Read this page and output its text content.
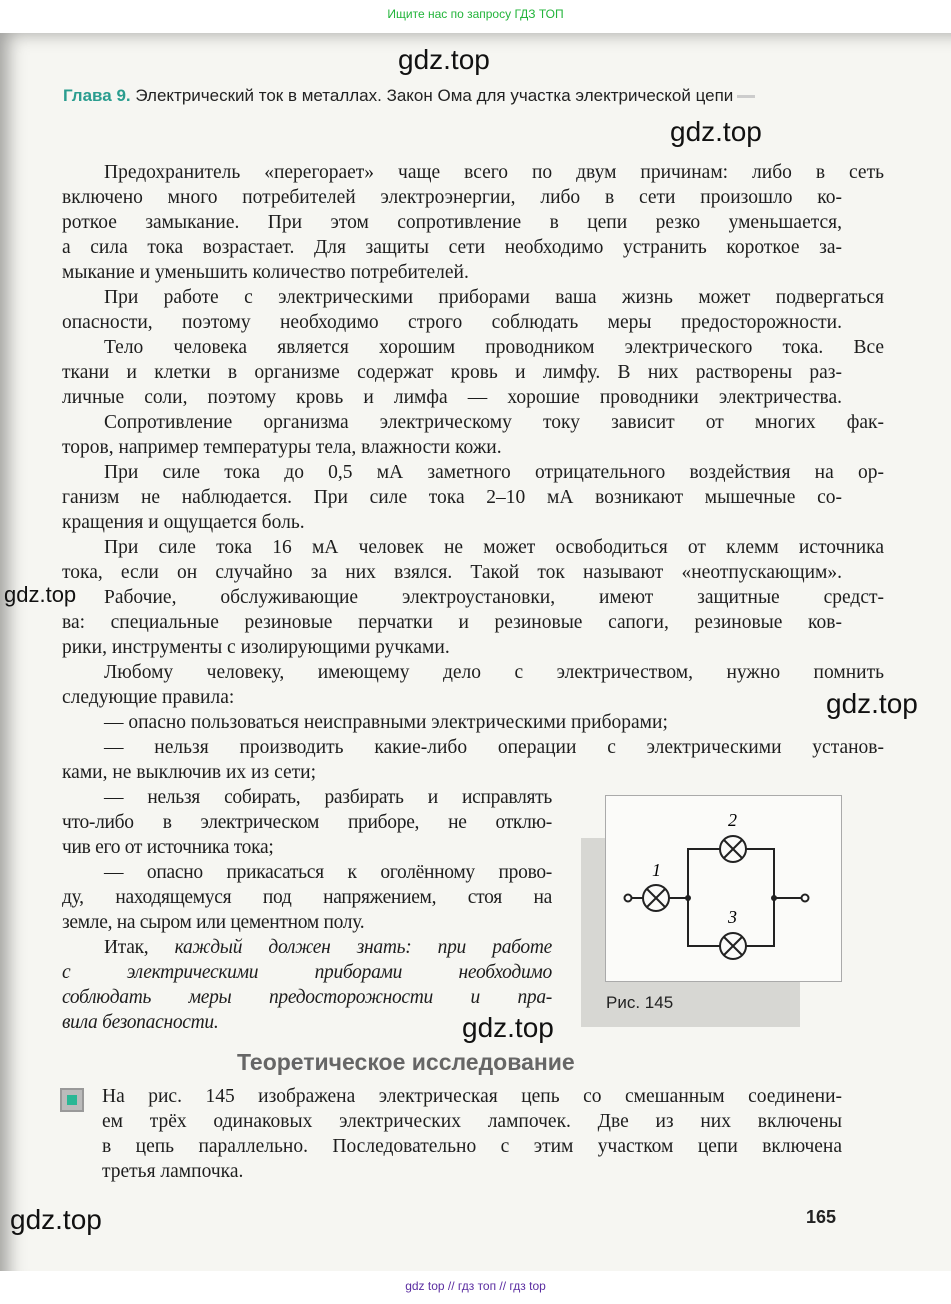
Ищите нас по запросу ГДЗ ТОП
gdz.top
gdz.top
gdz.top
gdz.top
gdz.top
gdz.top
Глава 9. Электрический ток в металлах. Закон Ома для участка электрической цепи
Предохранитель «перегорает» чаще всего по двум причинам: либо в сеть
включено много потребителей электроэнергии, либо в сети произошло ко-
роткое замыкание. При этом сопротивление в цепи резко уменьшается,
а сила тока возрастает. Для защиты сети необходимо устранить короткое за-
мыкание и уменьшить количество потребителей.
При работе с электрическими приборами ваша жизнь может подвергаться
опасности, поэтому необходимо строго соблюдать меры предосторожности.
Тело человека является хорошим проводником электрического тока. Все
ткани и клетки в организме содержат кровь и лимфу. В них растворены раз-
личные соли, поэтому кровь и лимфа — хорошие проводники электричества.
Сопротивление организма электрическому току зависит от многих фак-
торов, например температуры тела, влажности кожи.
При силе тока до 0,5 мА заметного отрицательного воздействия на ор-
ганизм не наблюдается. При силе тока 2–10 мА возникают мышечные со-
кращения и ощущается боль.
При силе тока 16 мА человек не может освободиться от клемм источника
тока, если он случайно за них взялся. Такой ток называют «неотпускающим».
Рабочие, обслуживающие электроустановки, имеют защитные средст-
ва: специальные резиновые перчатки и резиновые сапоги, резиновые ков-
рики, инструменты с изолирующими ручками.
Любому человеку, имеющему дело с электричеством, нужно помнить
следующие правила:
— опасно пользоваться неисправными электрическими приборами;
— нельзя производить какие-либо операции с электрическими установ-
ками, не выключив их из сети;
— нельзя собирать, разбирать и исправлять
что-либо в электрическом приборе, не отклю-
чив его от источника тока;
— опасно прикасаться к оголённому прово-
ду, находящемуся под напряжением, стоя на
земле, на сыром или цементном полу.
Итак, каждый должен знать: при работе
с электрическими приборами необходимо
соблюдать меры предосторожности и пра-
вила безопасности.
1
2
3
Рис. 145
Теоретическое исследование
На рис. 145 изображена электрическая цепь со смешанным соединени-
ем трёх одинаковых электрических лампочек. Две из них включены
в цепь параллельно. Последовательно с этим участком цепи включена
третья лампочка.
165
gdz top // гдз топ // гдз top
